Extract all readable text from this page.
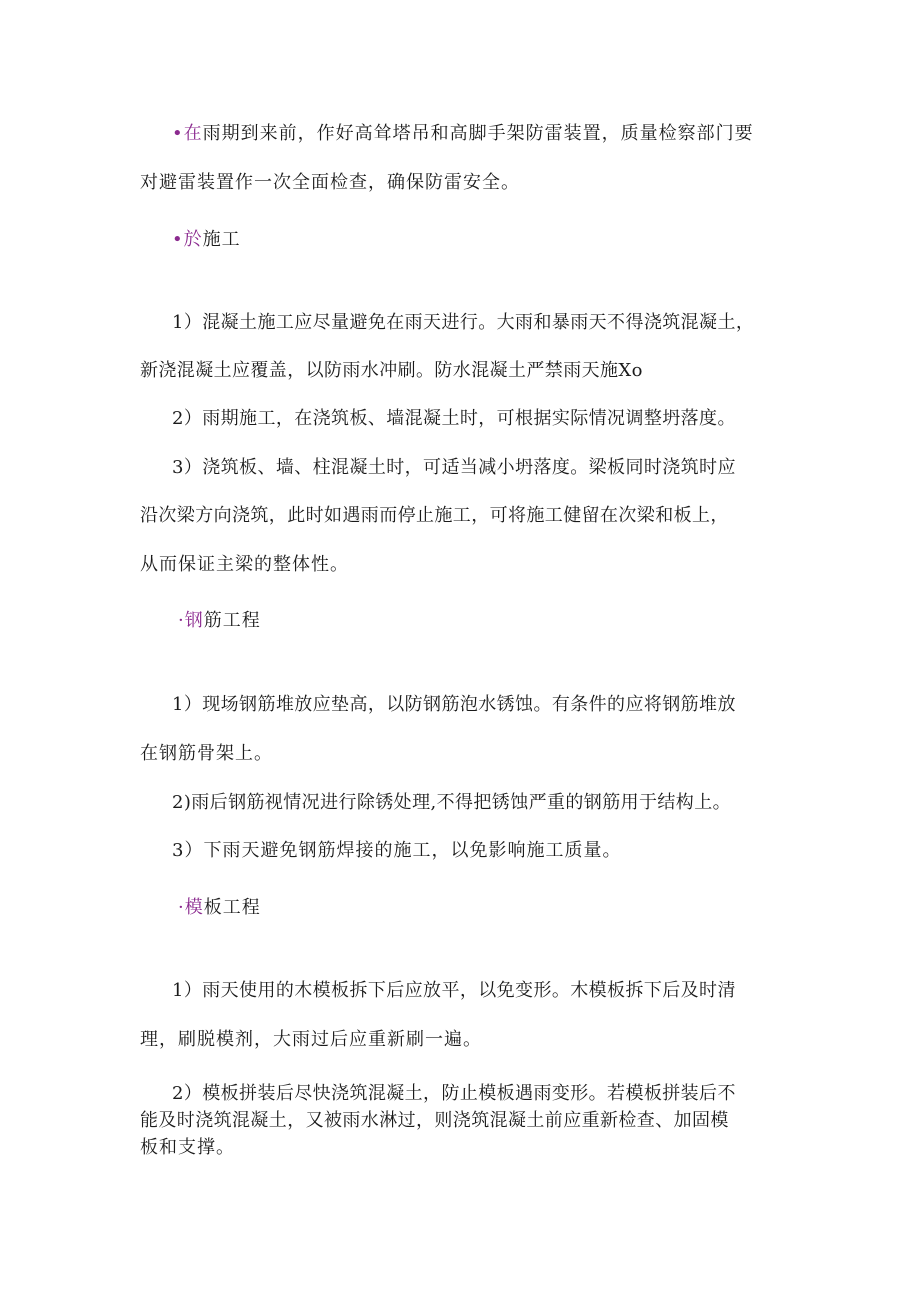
•在雨期到来前，作好高耸塔吊和高脚手架防雷装置，质量检察部门要
对避雷装置作一次全面检查，确保防雷安全。
•於施工
1）混凝土施工应尽量避免在雨天进行。大雨和暴雨天不得浇筑混凝土，
新浇混凝土应覆盖，以防雨水冲刷。防水混凝土严禁雨天施Xo
2）雨期施工，在浇筑板、墙混凝土时，可根据实际情况调整坍落度。
3）浇筑板、墙、柱混凝土时，可适当减小坍落度。梁板同时浇筑时应
沿次梁方向浇筑，此时如遇雨而停止施工，可将施工健留在次梁和板上，
从而保证主梁的整体性。
·钢筋工程
1）现场钢筋堆放应垫高，以防钢筋泡水锈蚀。有条件的应将钢筋堆放
在钢筋骨架上。
2)雨后钢筋视情况进行除锈处理,不得把锈蚀严重的钢筋用于结构上。
3）下雨天避免钢筋焊接的施工，以免影响施工质量。
·模板工程
1）雨天使用的木模板拆下后应放平，以免变形。木模板拆下后及时清
理，刷脱模剂，大雨过后应重新刷一遍。
2）模板拼装后尽快浇筑混凝土，防止模板遇雨变形。若模板拼装后不
能及时浇筑混凝土，又被雨水淋过，则浇筑混凝土前应重新检查、加固模
板和支撑。
